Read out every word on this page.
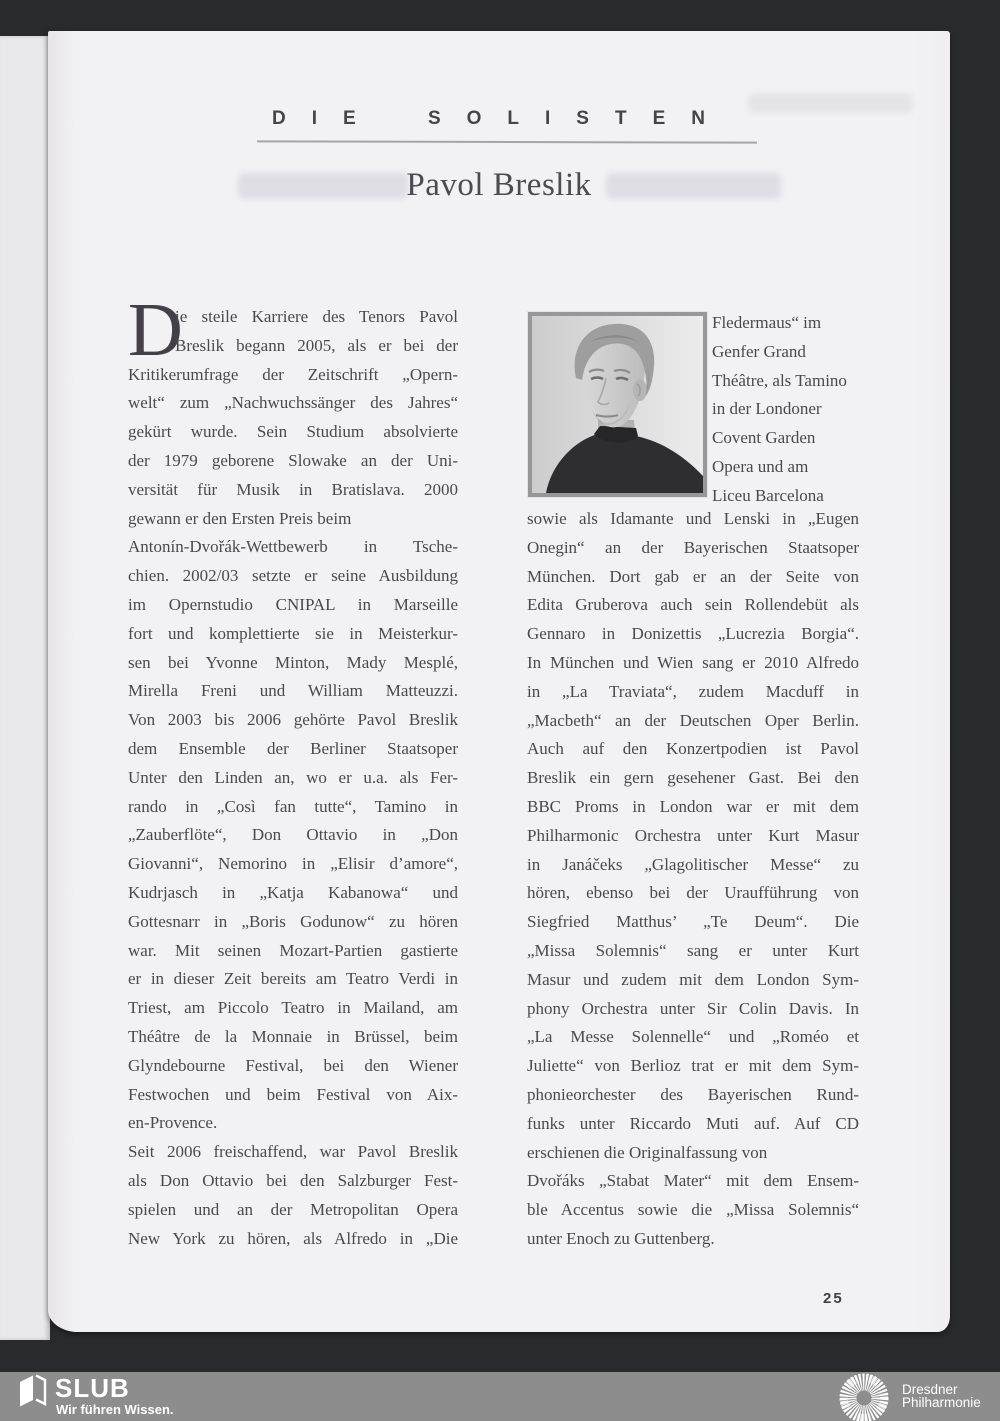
DIE SOLISTEN
Pavol Breslik
D
ie steile Karriere des Tenors Pavol
Breslik begann 2005, als er bei der
Kritikerumfrage der Zeitschrift „Opern-
welt“ zum „Nachwuchssänger des Jahres“
gekürt wurde. Sein Studium absolvierte
der 1979 geborene Slowake an der Uni-
versität für Musik in Bratislava. 2000
gewann er den Ersten Preis beim
Antonín-Dvořák-Wettbewerb in Tsche-
chien. 2002/03 setzte er seine Ausbildung
im Opernstudio CNIPAL in Marseille
fort und komplettierte sie in Meisterkur-
sen bei Yvonne Minton, Mady Mesplé,
Mirella Freni und William Matteuzzi.
Von 2003 bis 2006 gehörte Pavol Breslik
dem Ensemble der Berliner Staatsoper
Unter den Linden an, wo er u.a. als Fer-
rando in „Così fan tutte“, Tamino in
„Zauberflöte“, Don Ottavio in „Don
Giovanni“, Nemorino in „Elisir d’amore“,
Kudrjasch in „Katja Kabanowa“ und
Gottesnarr in „Boris Godunow“ zu hören
war. Mit seinen Mozart-Partien gastierte
er in dieser Zeit bereits am Teatro Verdi in
Triest, am Piccolo Teatro in Mailand, am
Théâtre de la Monnaie in Brüssel, beim
Glyndebourne Festival, bei den Wiener
Festwochen und beim Festival von Aix-
en-Provence.
Seit 2006 freischaffend, war Pavol Breslik
als Don Ottavio bei den Salzburger Fest-
spielen und an der Metropolitan Opera
New York zu hören, als Alfredo in „Die
Fledermaus“ im
Genfer Grand
Théâtre, als Tamino
in der Londoner
Covent Garden
Opera und am
Liceu Barcelona
sowie als Idamante und Lenski in „Eugen
Onegin“ an der Bayerischen Staatsoper
München. Dort gab er an der Seite von
Edita Gruberova auch sein Rollendebüt als
Gennaro in Donizettis „Lucrezia Borgia“.
In München und Wien sang er 2010 Alfredo
in „La Traviata“, zudem Macduff in
„Macbeth“ an der Deutschen Oper Berlin.
Auch auf den Konzertpodien ist Pavol
Breslik ein gern gesehener Gast. Bei den
BBC Proms in London war er mit dem
Philharmonic Orchestra unter Kurt Masur
in Janáčeks „Glagolitischer Messe“ zu
hören, ebenso bei der Uraufführung von
Siegfried Matthus’ „Te Deum“. Die
„Missa Solemnis“ sang er unter Kurt
Masur und zudem mit dem London Sym-
phony Orchestra unter Sir Colin Davis. In
„La Messe Solennelle“ und „Roméo et
Juliette“ von Berlioz trat er mit dem Sym-
phonieorchester des Bayerischen Rund-
funks unter Riccardo Muti auf. Auf CD
erschienen die Originalfassung von
Dvořáks „Stabat Mater“ mit dem Ensem-
ble Accentus sowie die „Missa Solemnis“
unter Enoch zu Guttenberg.
25
SLUB
Wir führen Wissen.
Dresdner
Philharmonie
